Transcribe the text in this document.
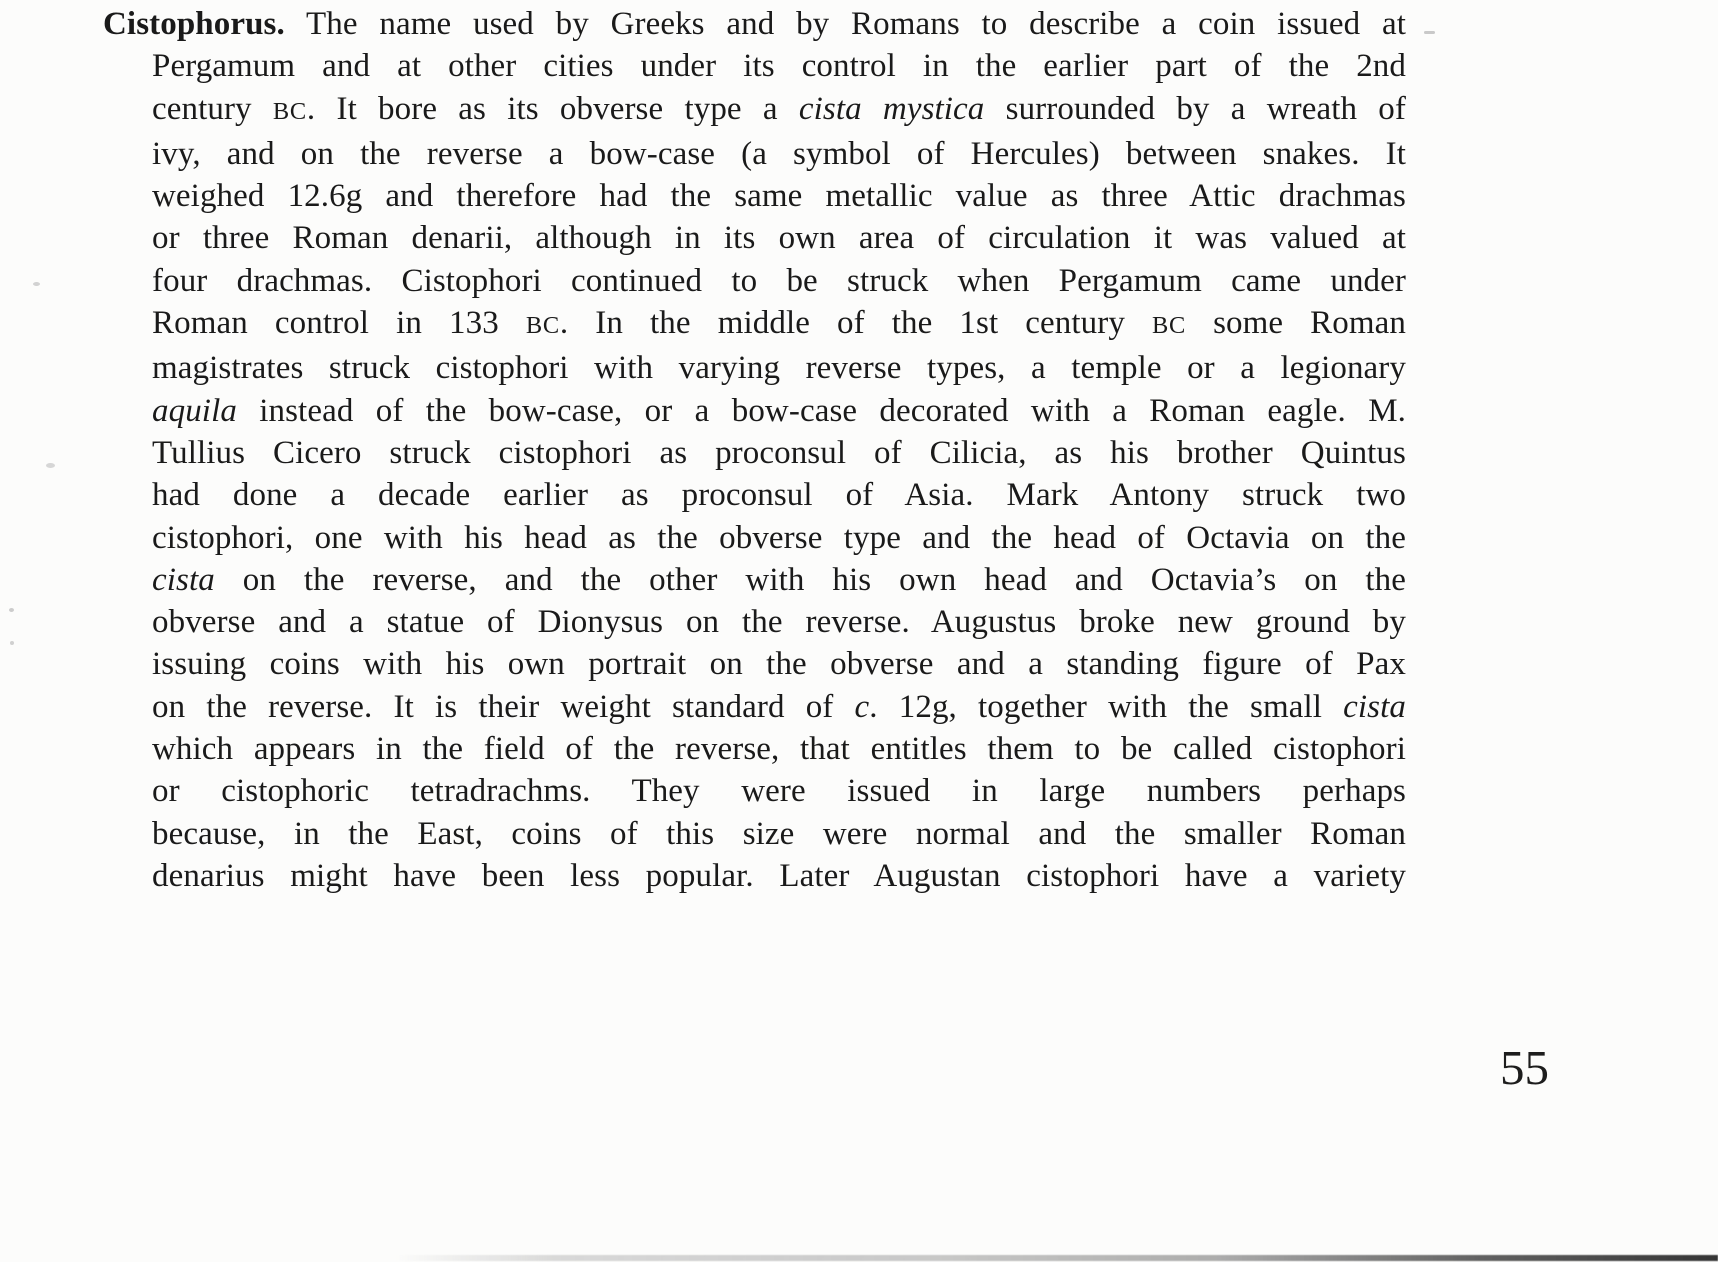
Cistophorus. The name used by Greeks and by Romans to describe a coin issued at
Pergamum and at other cities under its control in the earlier part of the 2nd
century BC. It bore as its obverse type a cista mystica surrounded by a wreath of
ivy, and on the reverse a bow-case (a symbol of Hercules) between snakes. It
weighed 12.6g and therefore had the same metallic value as three Attic drachmas
or three Roman denarii, although in its own area of circulation it was valued at
four drachmas. Cistophori continued to be struck when Pergamum came under
Roman control in 133 BC. In the middle of the 1st century BC some Roman
magistrates struck cistophori with varying reverse types, a temple or a legionary
aquila instead of the bow-case, or a bow-case decorated with a Roman eagle. M.
Tullius Cicero struck cistophori as proconsul of Cilicia, as his brother Quintus
had done a decade earlier as proconsul of Asia. Mark Antony struck two
cistophori, one with his head as the obverse type and the head of Octavia on the
cista on the reverse, and the other with his own head and Octavia’s on the
obverse and a statue of Dionysus on the reverse. Augustus broke new ground by
issuing coins with his own portrait on the obverse and a standing figure of Pax
on the reverse. It is their weight standard of c. 12g, together with the small cista
which appears in the field of the reverse, that entitles them to be called cistophori
or cistophoric tetradrachms. They were issued in large numbers perhaps
because, in the East, coins of this size were normal and the smaller Roman
denarius might have been less popular. Later Augustan cistophori have a variety
55
